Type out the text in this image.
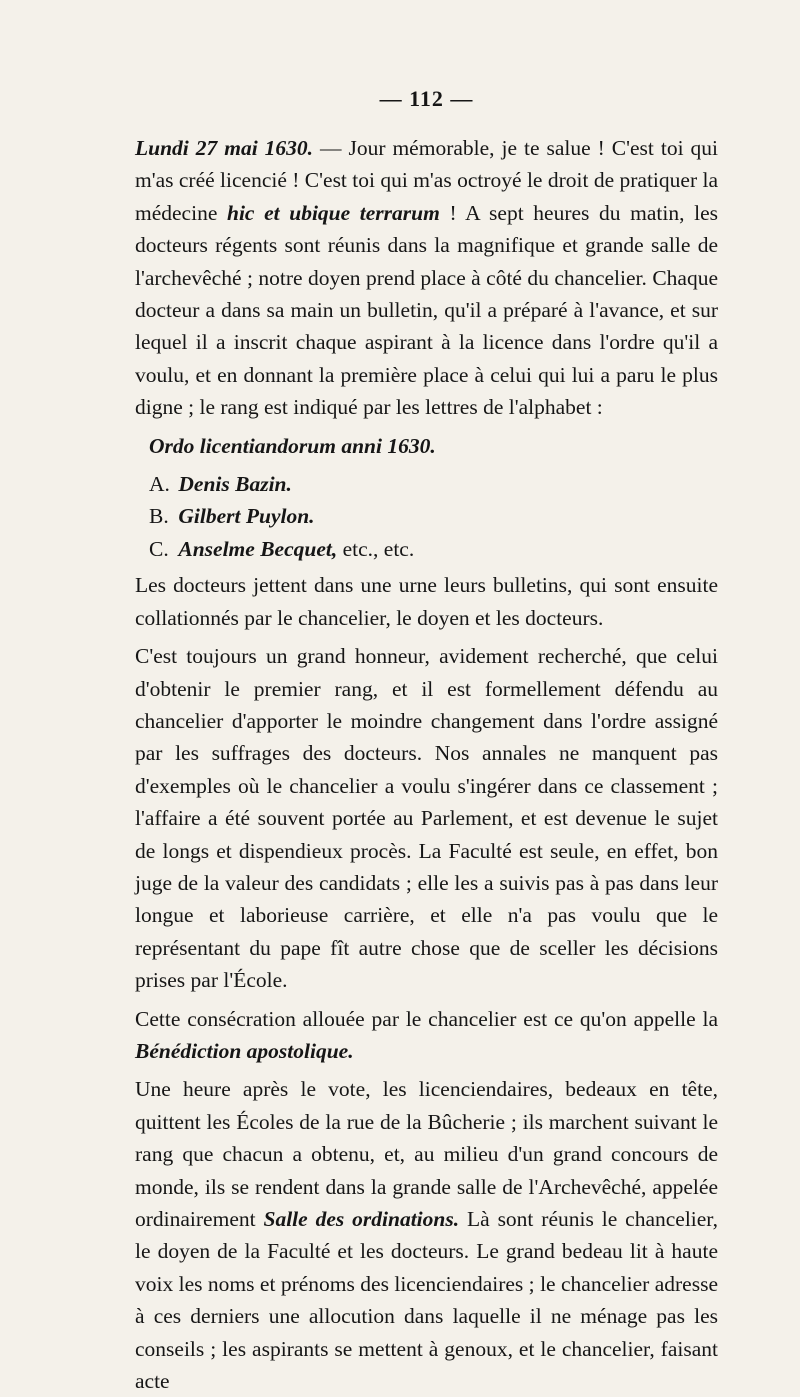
— 112 —

Lundi 27 mai 1630. — Jour mémorable, je te salue ! C'est toi qui m'as créé licencié ! C'est toi qui m'as octroyé le droit de pratiquer la médecine hic et ubique terrarum ! A sept heures du matin, les docteurs régents sont réunis dans la magnifique et grande salle de l'archevêché ; notre doyen prend place à côté du chancelier. Chaque docteur a dans sa main un bulletin, qu'il a préparé à l'avance, et sur lequel il a inscrit chaque aspirant à la licence dans l'ordre qu'il a voulu, et en donnant la première place à celui qui lui a paru le plus digne ; le rang est indiqué par les lettres de l'alphabet :

Ordo licentiandorum anni 1630.

A. Denis Bazin.
B. Gilbert Puylon.
C. Anselme Becquet, etc., etc.

Les docteurs jettent dans une urne leurs bulletins, qui sont ensuite collationnés par le chancelier, le doyen et les docteurs.

C'est toujours un grand honneur, avidement recherché, que celui d'obtenir le premier rang, et il est formellement défendu au chancelier d'apporter le moindre changement dans l'ordre assigné par les suffrages des docteurs. Nos annales ne manquent pas d'exemples où le chancelier a voulu s'ingérer dans ce classement ; l'affaire a été souvent portée au Parlement, et est devenue le sujet de longs et dispendieux procès. La Faculté est seule, en effet, bon juge de la valeur des candidats ; elle les a suivis pas à pas dans leur longue et laborieuse carrière, et elle n'a pas voulu que le représentant du pape fît autre chose que de sceller les décisions prises par l'École.

Cette consécration allouée par le chancelier est ce qu'on appelle la Bénédiction apostolique.

Une heure après le vote, les licenciendaires, bedeaux en tête, quittent les Écoles de la rue de la Bûcherie ; ils marchent suivant le rang que chacun a obtenu, et, au milieu d'un grand concours de monde, ils se rendent dans la grande salle de l'Archevêché, appelée ordinairement Salle des ordinations. Là sont réunis le chancelier, le doyen de la Faculté et les docteurs. Le grand bedeau lit à haute voix les noms et prénoms des licenciendaires ; le chancelier adresse à ces derniers une allocution dans laquelle il ne ménage pas les conseils ; les aspirants se mettent à genoux, et le chancelier, faisant acte
